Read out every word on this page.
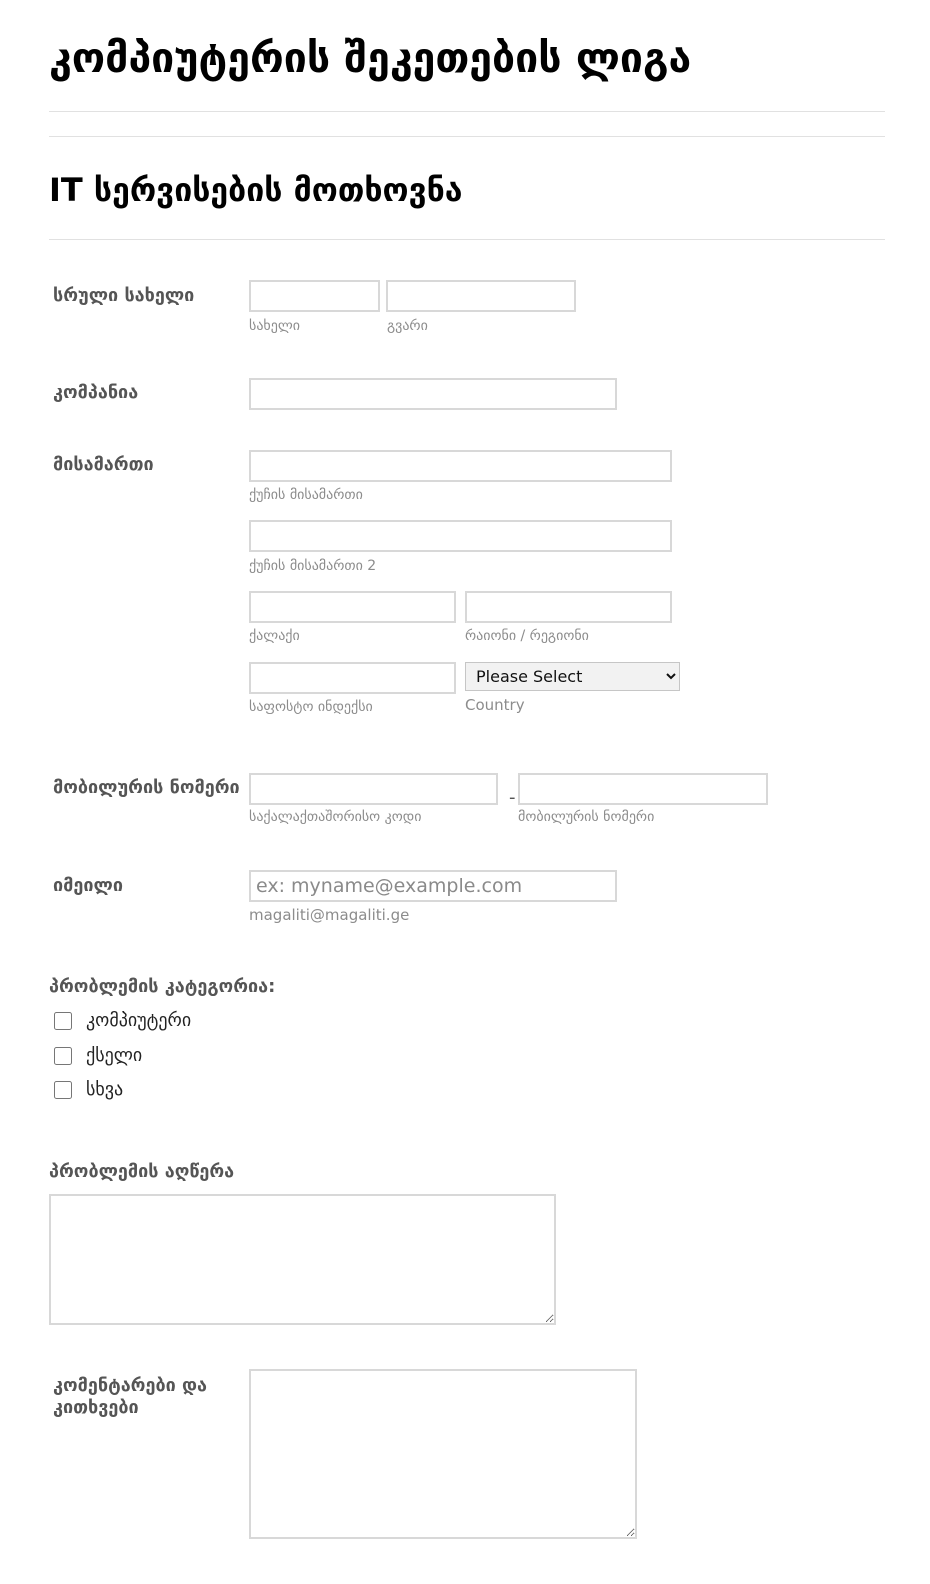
კომპიუტერის შეკეთების ლიგა
IT სერვისების მოთხოვნა
სრული სახელი
სახელი	გვარი
კომპანია
მისამართი
ქუჩის მისამართი
ქუჩის მისამართი 2
ქალაქი	რაიონი / რეგიონი
საფოსტო ინდექსი
Please Select	Country
მობილურის ნომერი
საქალაქთაშორისო კოდი
-
მობილურის ნომერი
იმეილი
ex: myname@example.com
magaliti@magaliti.ge
პრობლემის კატეგორია:
კომპიუტერი
ქსელი
სხვა
პრობლემის აღწერა
კომენტარები და კითხვები
